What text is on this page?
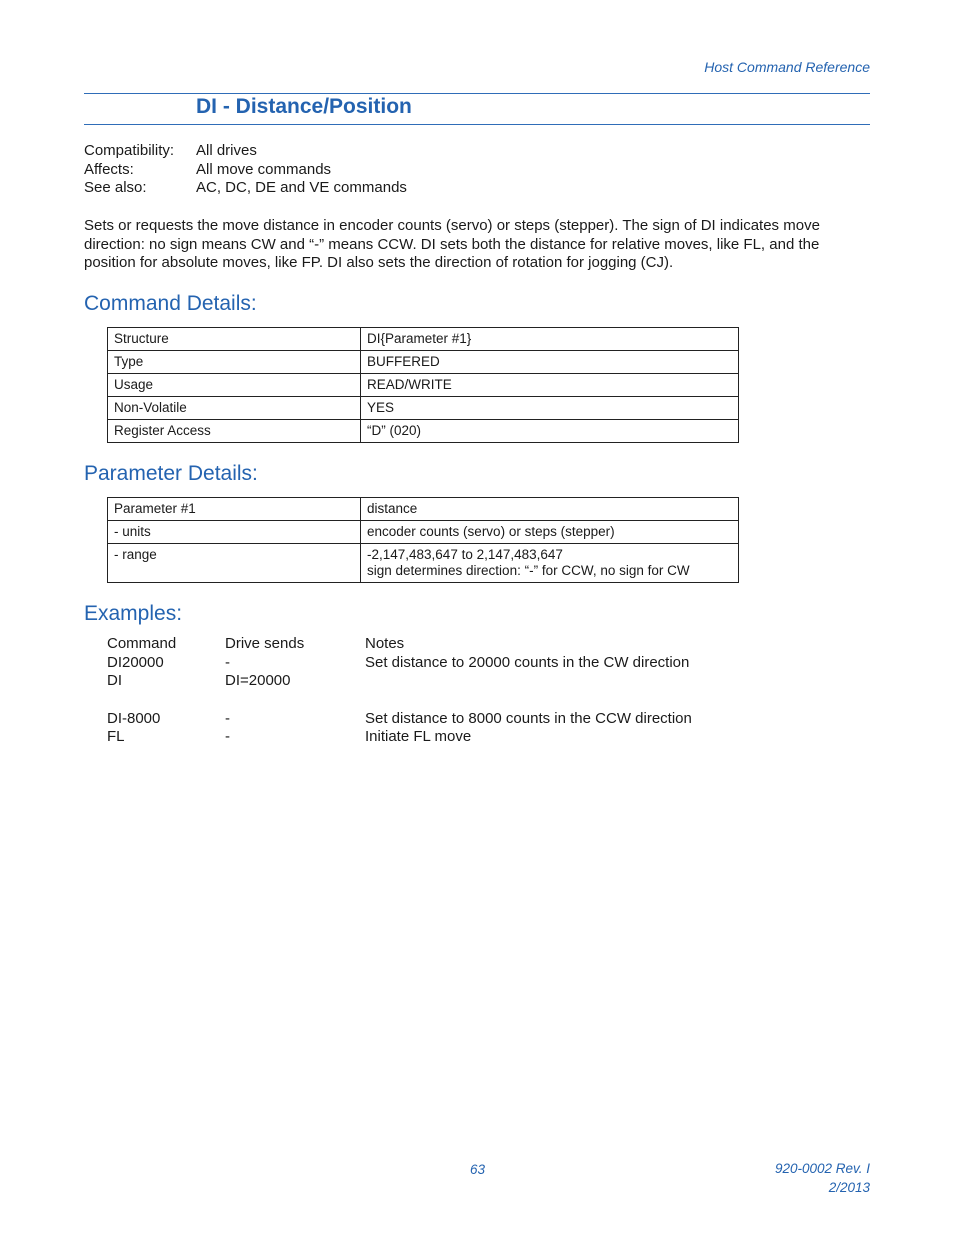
Host Command Reference
DI - Distance/Position
Compatibility:	All drives
Affects:	All move commands
See also:	AC, DC, DE and VE commands
Sets or requests the move distance in encoder counts (servo) or steps (stepper). The sign of DI indicates move direction: no sign means CW and “-” means CCW. DI sets both the distance for relative moves, like FL, and the position for absolute moves, like FP. DI also sets the direction of rotation for jogging (CJ).
Command Details:
Structure	DI{Parameter #1}
Type	BUFFERED
Usage	READ/WRITE
Non-Volatile	YES
Register Access	“D” (020)
Parameter Details:
Parameter #1	distance
- units	encoder counts (servo) or steps (stepper)
- range	-2,147,483,647 to 2,147,483,647
sign determines direction: “-” for CCW, no sign for CW
Examples:
Command	Drive sends	Notes
DI20000	-	Set distance to 20000 counts in the CW direction
DI	DI=20000
DI-8000	-	Set distance to 8000 counts in the CCW direction
FL	-	Initiate FL move
63	920-0002 Rev. I
2/2013
